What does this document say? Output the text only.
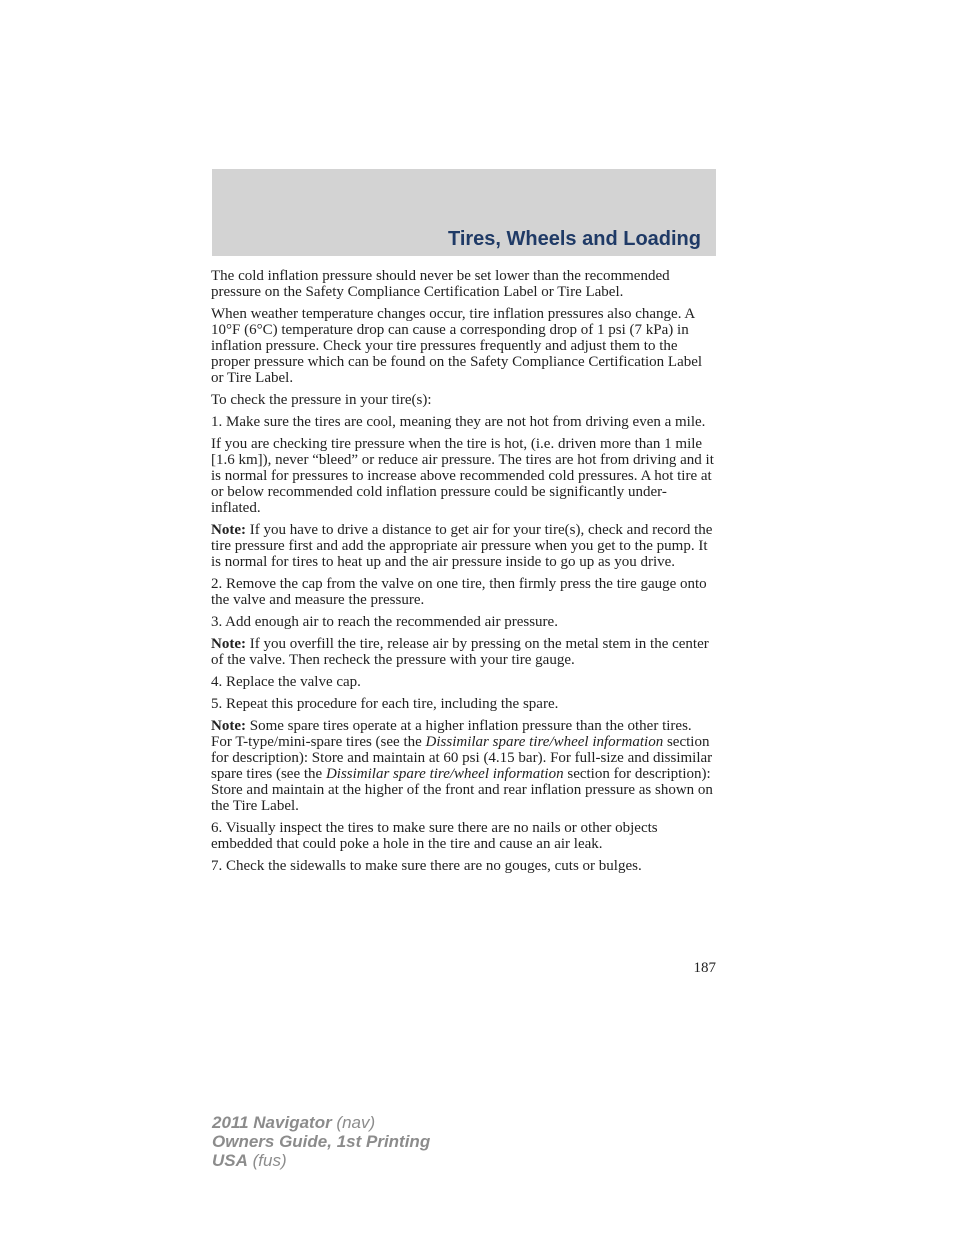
Tires, Wheels and Loading

The cold inflation pressure should never be set lower than the recommended pressure on the Safety Compliance Certification Label or Tire Label.

When weather temperature changes occur, tire inflation pressures also change. A 10°F (6°C) temperature drop can cause a corresponding drop of 1 psi (7 kPa) in inflation pressure. Check your tire pressures frequently and adjust them to the proper pressure which can be found on the Safety Compliance Certification Label or Tire Label.

To check the pressure in your tire(s):

1. Make sure the tires are cool, meaning they are not hot from driving even a mile.

If you are checking tire pressure when the tire is hot, (i.e. driven more than 1 mile [1.6 km]), never “bleed” or reduce air pressure. The tires are hot from driving and it is normal for pressures to increase above recommended cold pressures. A hot tire at or below recommended cold inflation pressure could be significantly under-inflated.

Note: If you have to drive a distance to get air for your tire(s), check and record the tire pressure first and add the appropriate air pressure when you get to the pump. It is normal for tires to heat up and the air pressure inside to go up as you drive.

2. Remove the cap from the valve on one tire, then firmly press the tire gauge onto the valve and measure the pressure.

3. Add enough air to reach the recommended air pressure.

Note: If you overfill the tire, release air by pressing on the metal stem in the center of the valve. Then recheck the pressure with your tire gauge.

4. Replace the valve cap.

5. Repeat this procedure for each tire, including the spare.

Note: Some spare tires operate at a higher inflation pressure than the other tires. For T-type/mini-spare tires (see the Dissimilar spare tire/wheel information section for description): Store and maintain at 60 psi (4.15 bar). For full-size and dissimilar spare tires (see the Dissimilar spare tire/wheel information section for description): Store and maintain at the higher of the front and rear inflation pressure as shown on the Tire Label.

6. Visually inspect the tires to make sure there are no nails or other objects embedded that could poke a hole in the tire and cause an air leak.

7. Check the sidewalls to make sure there are no gouges, cuts or bulges.

187
2011 Navigator (nav)
Owners Guide, 1st Printing
USA (fus)
